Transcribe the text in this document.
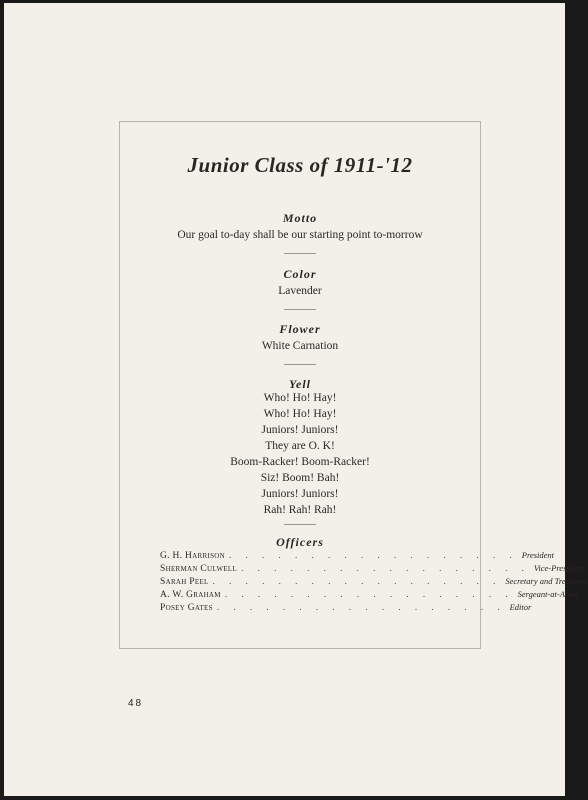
Junior Class of 1911-'12
Motto
Our goal to-day shall be our starting point to-morrow
Color
Lavender
Flower
White Carnation
Yell
Who! Ho! Hay!
Who! Ho! Hay!
Juniors! Juniors!
They are O. K!
Boom-Racker! Boom-Racker!
Siz! Boom! Bah!
Juniors! Juniors!
Rah! Rah! Rah!
Officers
G. H. Harrison . . . . . . . . . . . . . . . . . . President
Sherman Culwell . . . . . . . . . . . . . . . . . . Vice-President
Sarah Peel . . . . . . . . . . . . . . . . . . Secretary and Treasurer
A. W. Graham . . . . . . . . . . . . . . . . . . Sergeant-at-Arms
Posey Gates . . . . . . . . . . . . . . . . . . Editor
48
